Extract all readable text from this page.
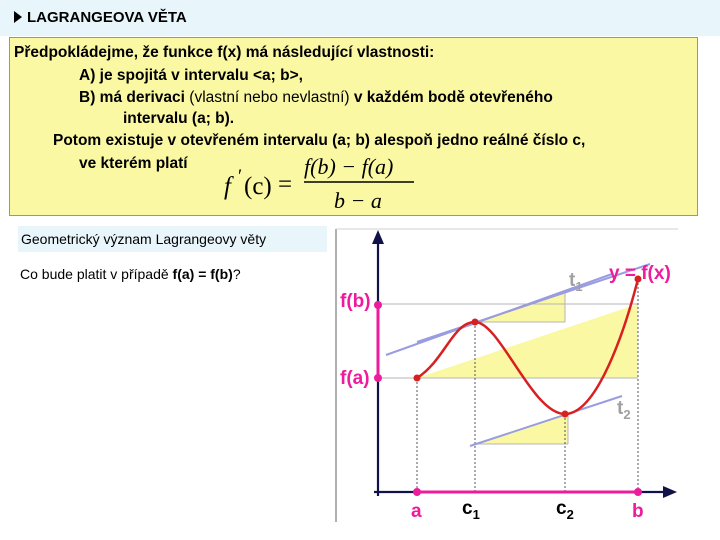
LAGRANGEOVA VĚTA

Předpokládejme, že funkce f(x) má následující vlastnosti:

A) je spojitá v intervalu <a; b>,

B) má derivaci (vlastní nebo nevlastní) v každém bodě otevřeného

intervalu (a; b).

Potom existuje v otevřeném intervalu (a; b) alespoň jedno reálné číslo c,

ve kterém platí

f ′ (c) =
f(b) − f(a)
b − a
Geometrický význam Lagrangeovy věty
Co bude platit v případě f(a) = f(b)?
f(b)
f(a)
y = f(x)
$t_1$
$t_2$
a	b
$c_1$	$c_2$
